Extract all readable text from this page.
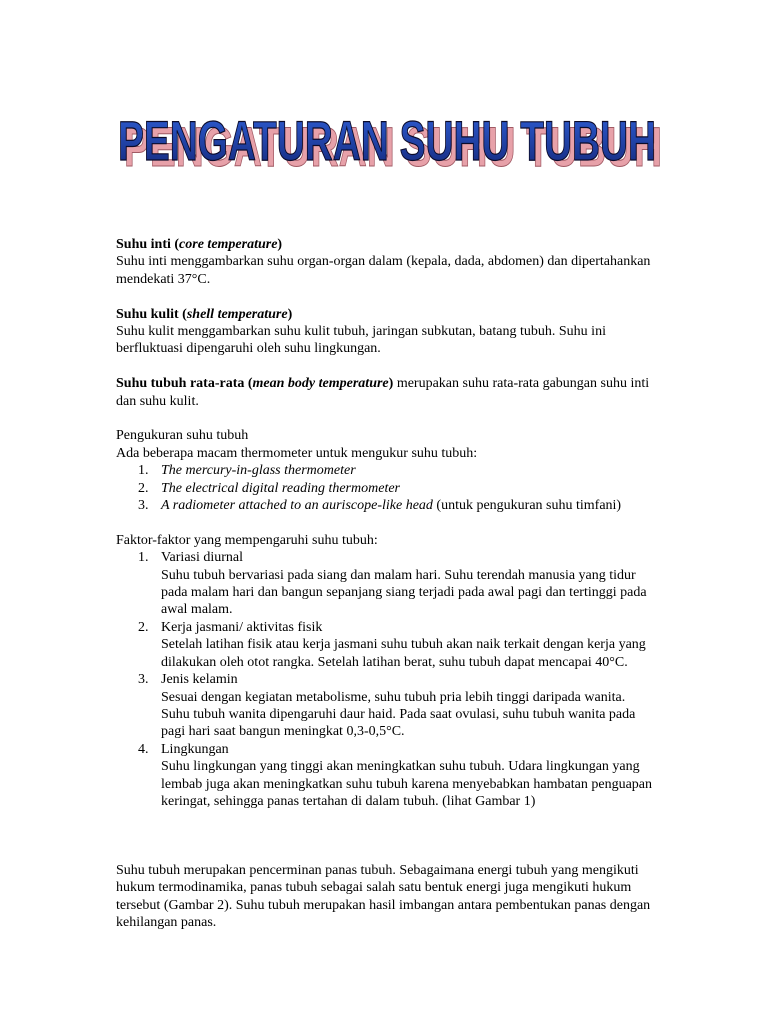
PENGATURAN SUHU TUBUH
PENGATURAN SUHU TUBUH

Suhu inti (core temperature)

Suhu inti menggambarkan suhu organ-organ dalam (kepala, dada, abdomen) dan dipertahankan mendekati 37°C.

Suhu kulit (shell temperature)

Suhu kulit menggambarkan suhu kulit tubuh, jaringan subkutan, batang tubuh. Suhu ini berfluktuasi dipengaruhi oleh suhu lingkungan.

Suhu tubuh rata-rata (mean body temperature) merupakan suhu rata-rata gabungan suhu inti dan suhu kulit.

Pengukuran suhu tubuh

Ada beberapa macam thermometer untuk mengukur suhu tubuh:

1. The mercury-in-glass thermometer
2. The electrical digital reading thermometer
3. A radiometer attached to an auriscope-like head (untuk pengukuran suhu timfani)

Faktor-faktor yang mempengaruhi suhu tubuh:

1. Variasi diurnal
Suhu tubuh bervariasi pada siang dan malam hari. Suhu terendah manusia yang tidur pada malam hari dan bangun sepanjang siang terjadi pada awal pagi dan tertinggi pada awal malam.
2. Kerja jasmani/ aktivitas fisik
Setelah latihan fisik atau kerja jasmani suhu tubuh akan naik terkait dengan kerja yang dilakukan oleh otot rangka. Setelah latihan berat, suhu tubuh dapat mencapai 40°C.
3. Jenis kelamin
Sesuai dengan kegiatan metabolisme, suhu tubuh pria lebih tinggi daripada wanita. Suhu tubuh wanita dipengaruhi daur haid. Pada saat ovulasi, suhu tubuh wanita pada pagi hari saat bangun meningkat 0,3-0,5°C.
4. Lingkungan
Suhu lingkungan yang tinggi akan meningkatkan suhu tubuh. Udara lingkungan yang lembab juga akan meningkatkan suhu tubuh karena menyebabkan hambatan penguapan keringat, sehingga panas tertahan di dalam tubuh. (lihat Gambar 1)

Suhu tubuh merupakan pencerminan panas tubuh. Sebagaimana energi tubuh yang mengikuti hukum termodinamika, panas tubuh sebagai salah satu bentuk energi juga mengikuti hukum tersebut (Gambar 2). Suhu tubuh merupakan hasil imbangan antara pembentukan panas dengan kehilangan panas.
